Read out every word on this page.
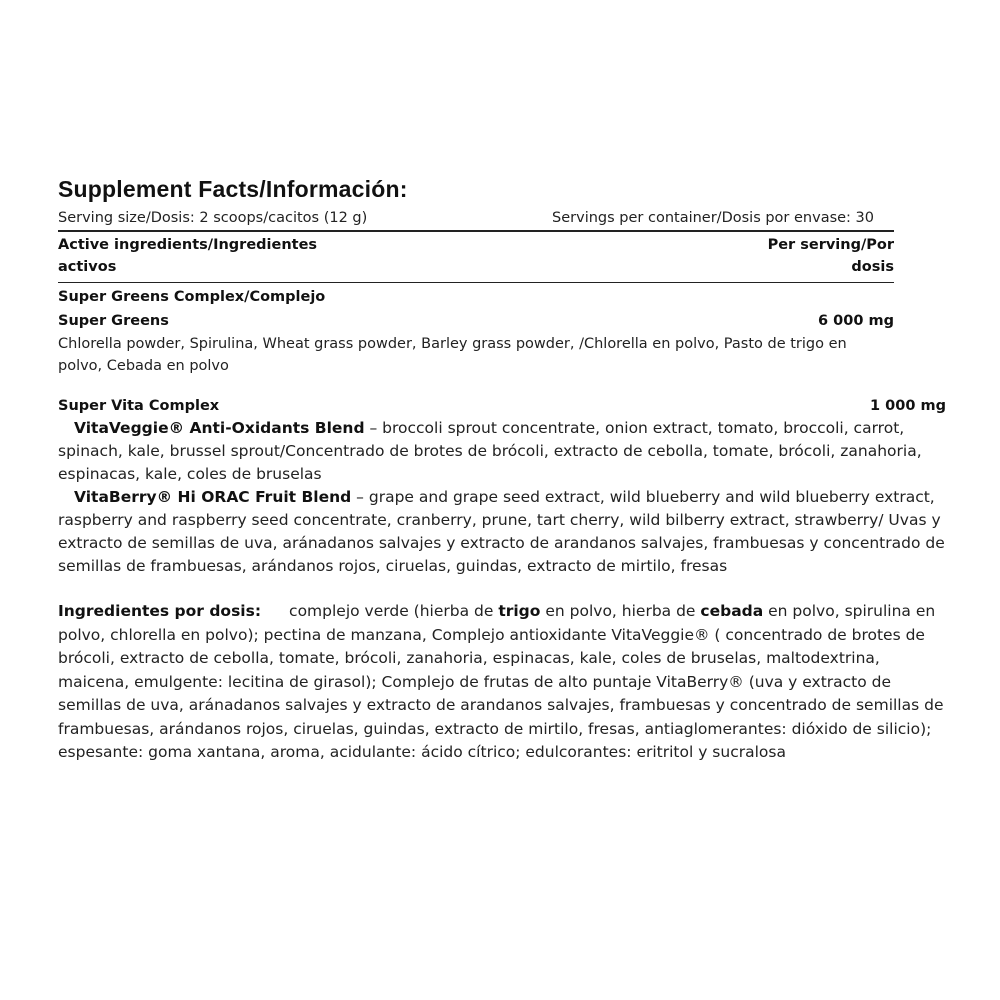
Supplement Facts/Información:
Serving size/Dosis: 2 scoops/cacitos (12 g)	Servings per container/Dosis por envase: 30
Active ingredients/Ingredientes activos
Per serving/Por dosis
Super Greens Complex/Complejo
Super Greens	6 000 mg
Chlorella powder, Spirulina, Wheat grass powder, Barley grass powder, /Chlorella en polvo, Pasto de trigo en polvo, Cebada en polvo
Super Vita Complex	1 000 mg
VitaVeggie® Anti-Oxidants Blend – broccoli sprout concentrate, onion extract, tomato, broccoli, carrot, spinach, kale, brussel sprout/Concentrado de brotes de brócoli, extracto de cebolla, tomate, brócoli, zanahoria, espinacas, kale, coles de bruselas
VitaBerry® Hi ORAC Fruit Blend – grape and grape seed extract, wild blueberry and wild blueberry extract, raspberry and raspberry seed concentrate, cranberry, prune, tart cherry, wild bilberry extract, strawberry/ Uvas y extracto de semillas de uva, aránadanos salvajes y extracto de arandanos salvajes, frambuesas y concentrado de semillas de frambuesas, arándanos rojos, ciruelas, guindas, extracto de mirtilo, fresas
Ingredientes por dosis: complejo verde (hierba de trigo en polvo, hierba de cebada en polvo, spirulina en polvo, chlorella en polvo); pectina de manzana, Complejo antioxidante VitaVeggie® ( concentrado de brotes de brócoli, extracto de cebolla, tomate, brócoli, zanahoria, espinacas, kale, coles de bruselas, maltodextrina, maicena, emulgente: lecitina de girasol); Complejo de frutas de alto puntaje VitaBerry® (uva y extracto de semillas de uva, aránadanos salvajes y extracto de arandanos salvajes, frambuesas y concentrado de semillas de frambuesas, arándanos rojos, ciruelas, guindas, extracto de mirtilo, fresas, antiaglomerantes: dióxido de silicio); espesante: goma xantana, aroma, acidulante: ácido cítrico; edulcorantes: eritritol y sucralosa
